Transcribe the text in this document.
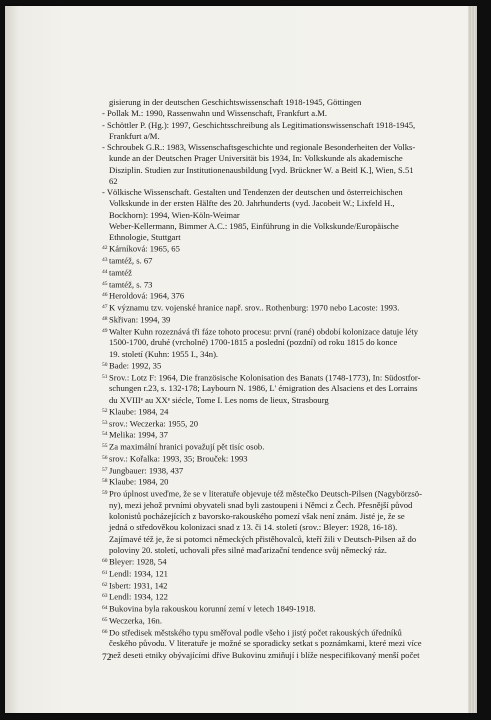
gisierung in der deutschen Geschichtswissenschaft 1918-1945, Göttingen
- Pollak M.: 1990, Rassenwahn und Wissenschaft, Frankfurt a.M.
- Schöttler P. (Hg.): 1997, Geschichtsschreibung als Legitimationswissenschaft 1918-1945,
Frankfurt a/M.
- Schroubek G.R.: 1983, Wissenschaftsgeschichte und regionale Besonderheiten der Volks-
kunde an der Deutschen Prager Universität bis 1934, In: Volkskunde als akademische
Disziplin. Studien zur Institutionenausbildung [vyd. Brückner W. a Beitl K.], Wien, S.51
62
- Völkische Wissenschaft. Gestalten und Tendenzen der deutschen und österreichischen
Volkskunde in der ersten Hälfte des 20. Jahrhunderts (vyd. Jacobeit W.; Lixfeld H.,
Bockhorn): 1994, Wien-Köln-Weimar
Weber-Kellermann, Bimmer A.C.: 1985, Einführung in die Volkskunde/Europäische
Ethnologie, Stuttgart
$^{42}$ Kárníková: 1965, 65
$^{43}$ tamtéž, s. 67
$^{44}$ tamtéž
$^{45}$ tamtéž, s. 73
$^{46}$ Heroldová: 1964, 376
$^{47}$ K významu tzv. vojenské hranice např. srov.. Rothenburg: 1970 nebo Lacoste: 1993.
$^{48}$ Skřivan: 1994, 39
$^{49}$ Walter Kuhn rozeznává tři fáze tohoto procesu: první (rané) období kolonizace datuje léty
1500-1700, druhé (vrcholné) 1700-1815 a poslední (pozdní) od roku 1815 do konce
19. století (Kuhn: 1955 I., 34n).
$^{50}$ Bade: 1992, 35
$^{51}$ Srov.: Lotz F: 1964, Die französische Kolonisation des Banats (1748-1773), In: Südostfor-
schungen r.23, s. 132-178; Laybourn N. 1986, L' émigration des Alsaciens et des Lorrains
du XVIIIᵉ au XXᵉ siécle, Tome I. Les noms de lieux, Strasbourg
$^{52}$ Klaube: 1984, 24
$^{53}$ srov.: Weczerka: 1955, 20
$^{54}$ Melika: 1994, 37
$^{55}$ Za maximální hranici považují pět tisíc osob.
$^{56}$ srov.: Kořalka: 1993, 35; Brouček: 1993
$^{57}$ Jungbauer: 1938, 437
$^{58}$ Klaube: 1984, 20
$^{59}$ Pro úplnost uveďme, že se v literatuře objevuje též městečko Deutsch-Pilsen (Nagybörzsö-
ny), mezi jehož prvními obyvateli snad byli zastoupeni i Němci z Čech. Přesnější původ
kolonistů pocházejících z bavorsko-rakouského pomezí však není znám. Jisté je, že se
jedná o středověkou kolonizaci snad z 13. či 14. století (srov.: Bleyer: 1928, 16-18).
Zajímavé též je, že si potomci německých přistěhovalců, kteří žili v Deutsch-Pilsen až do
poloviny 20. století, uchovali přes silné maďarizační tendence svůj německý ráz.
$^{60}$ Bleyer: 1928, 54
$^{61}$ Lendl: 1934, 121
$^{62}$ Isbert: 1931, 142
$^{63}$ Lendl: 1934, 122
$^{64}$ Bukovina byla rakouskou korunní zemí v letech 1849-1918.
$^{65}$ Weczerka, 16n.
$^{66}$ Do středisek městského typu směřoval podle všeho i jistý počet rakouských úředníků
českého původu. V literatuře je možné se sporadicky setkat s poznámkami, které mezi více
než deseti etniky obývajícími dříve Bukovinu zmiňují i blíže nespecifikovaný menší počet
72
